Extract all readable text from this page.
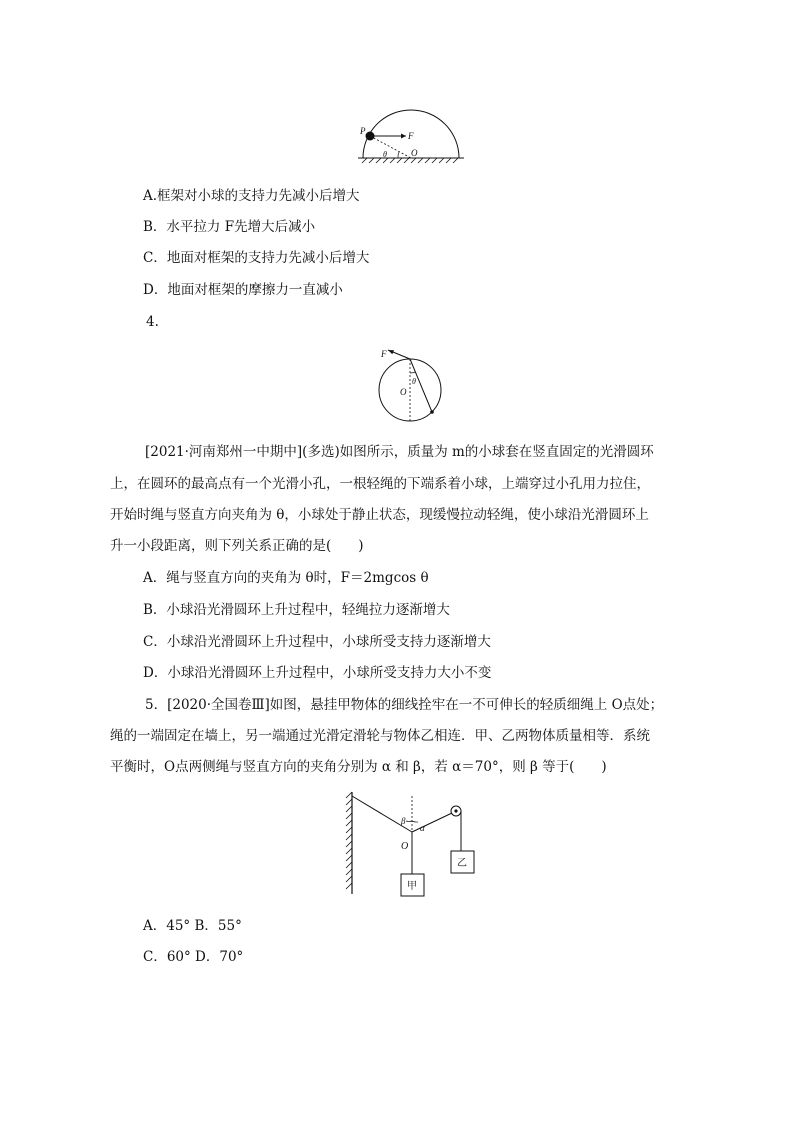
P	F
θ	O
A.框架对小球的支持力先减小后增大
B．水平拉力 F先增大后减小
C．地面对框架的支持力先减小后增大
D．地面对框架的摩擦力一直减小
4.
F
θ
O
[2021·河南郑州一中期中](多选)如图所示，质量为 m的小球套在竖直固定的光滑圆环
上，在圆环的最高点有一个光滑小孔，一根轻绳的下端系着小球，上端穿过小孔用力拉住，
开始时绳与竖直方向夹角为 θ，小球处于静止状态，现缓慢拉动轻绳，使小球沿光滑圆环上
升一小段距离，则下列关系正确的是(　　)
A．绳与竖直方向的夹角为 θ时，F＝2mgcos θ
B．小球沿光滑圆环上升过程中，轻绳拉力逐渐增大
C．小球沿光滑圆环上升过程中，小球所受支持力逐渐增大
D．小球沿光滑圆环上升过程中，小球所受支持力大小不变
5．[2020·全国卷Ⅲ]如图，悬挂甲物体的细线拴牢在一不可伸长的轻质细绳上 O点处；
绳的一端固定在墙上，另一端通过光滑定滑轮与物体乙相连．甲、乙两物体质量相等．系统
平衡时，O点两侧绳与竖直方向的夹角分别为 α 和 β，若 α＝70°，则 β 等于(　　)
β
α
O
甲
乙
A．45° B．55°
C．60° D．70°
